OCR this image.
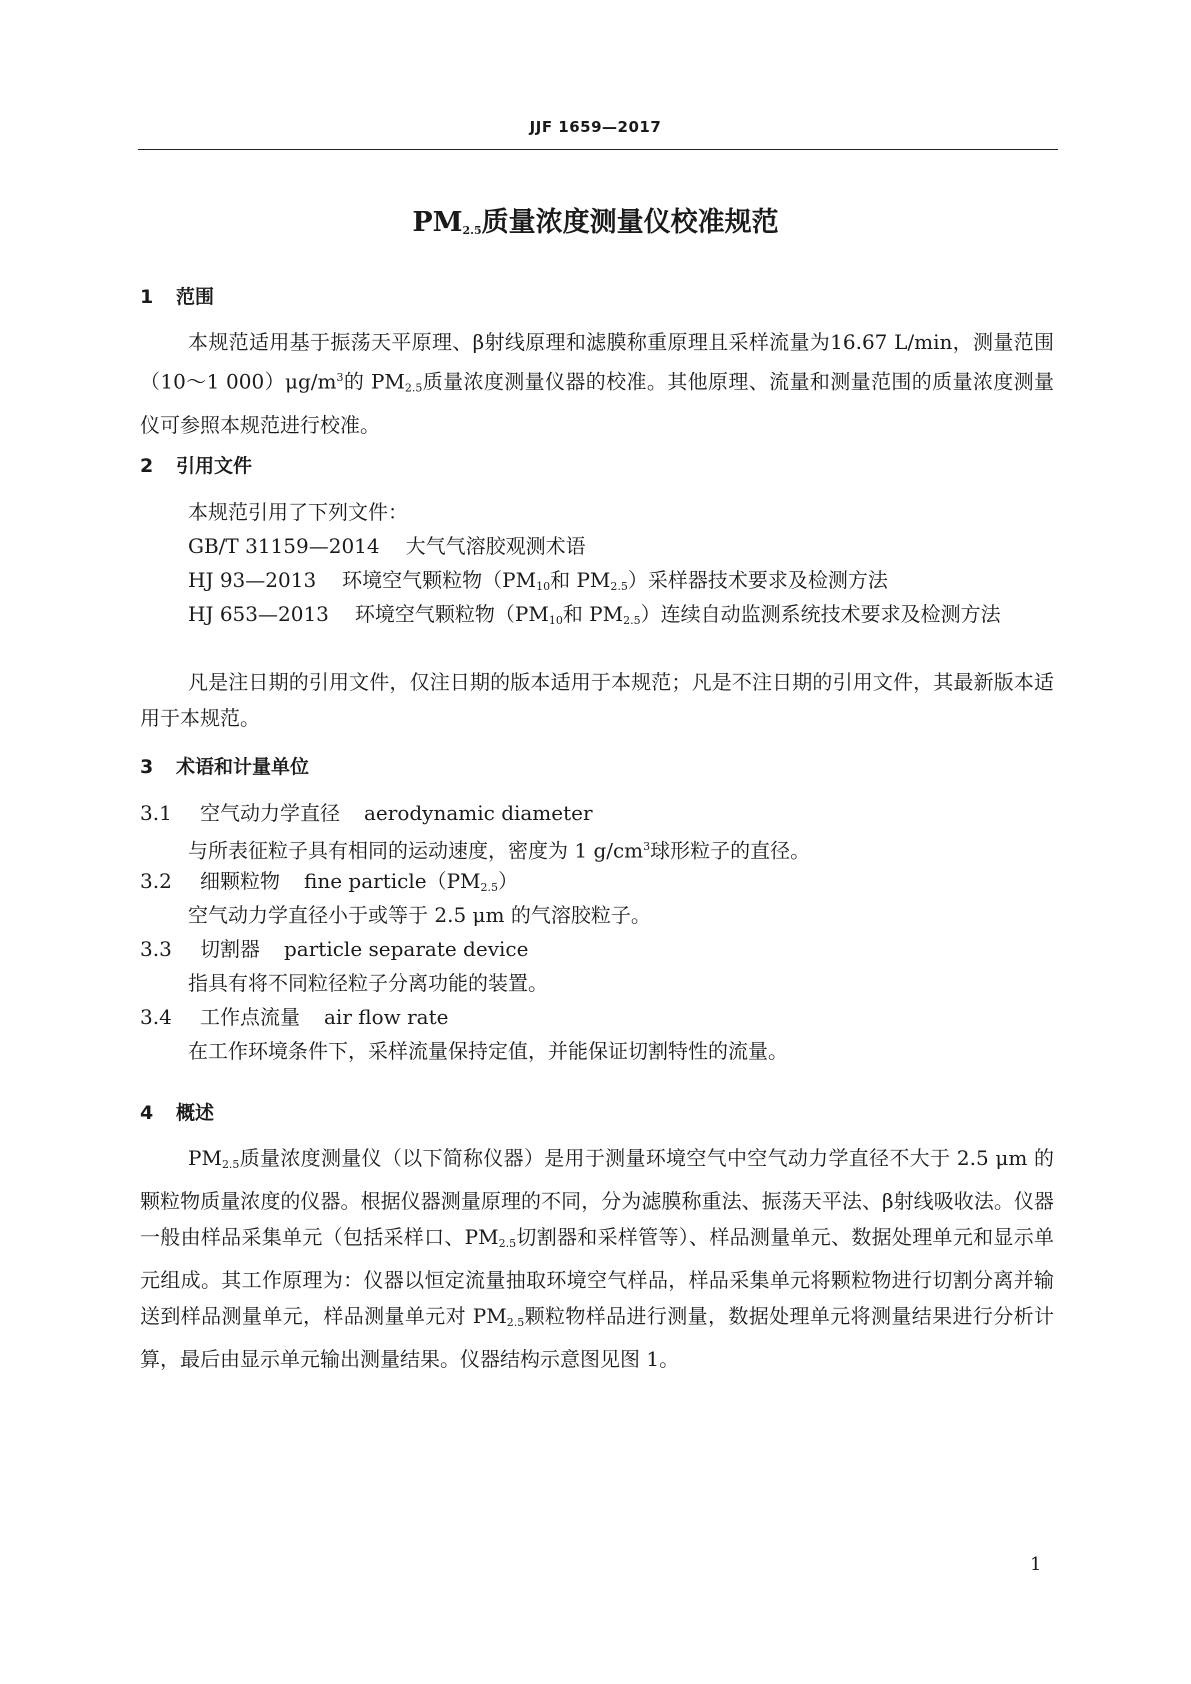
JJF 1659—2017
$PM_{2.5}$质量浓度测量仪校准规范
1 范围
本规范适用基于振荡天平原理、β射线原理和滤膜称重原理且采样流量为16.67 L/min，测量范围（10～1 $000)\mu g/m^3$的 $PM_{2.5}$质量浓度测量仪器的校准。其他原理、流量和测量范围的质量浓度测量仪可参照本规范进行校准。
2 引用文件
本规范引用了下列文件：
GB/T 31159—2014 大气气溶胶观测术语
HJ 93—2013 环境空气颗粒物（$PM_{10}$和 $PM_{2.5}$）采样器技术要求及检测方法
HJ 653—2013 环境空气颗粒物（$PM_{10}$和 $PM_{2.5}$）连续自动监测系统技术要求及检测方法
凡是注日期的引用文件，仅注日期的版本适用于本规范；凡是不注日期的引用文件，其最新版本适用于本规范。
3 术语和计量单位
3.1 空气动力学直径 aerodynamic diameter
与所表征粒子具有相同的运动速度，密度为 1 $g/cm^3$球形粒子的直径。
3.2 细颗粒物 fine $particle(PM_{2.5})$
空气动力学直径小于或等于 2.5 μm 的气溶胶粒子。
3.3 切割器 particle separate device
指具有将不同粒径粒子分离功能的装置。
3.4 工作点流量 air flow rate
在工作环境条件下，采样流量保持定值，并能保证切割特性的流量。
4 概述
$PM_{2.5}$质量浓度测量仪（以下简称仪器）是用于测量环境空气中空气动力学直径不大于 2.5 μm 的颗粒物质量浓度的仪器。根据仪器测量原理的不同，分为滤膜称重法、振荡天平法、β射线吸收法。仪器一般由样品采集单元（包括采样口、$PM_{2.5}$切割器和采样管等）、样品测量单元、数据处理单元和显示单元组成。其工作原理为：仪器以恒定流量抽取环境空气样品，样品采集单元将颗粒物进行切割分离并输送到样品测量单元，样品测量单元对 $PM_{2.5}$颗粒物样品进行测量，数据处理单元将测量结果进行分析计算，最后由显示单元输出测量结果。仪器结构示意图见图 1。
1
